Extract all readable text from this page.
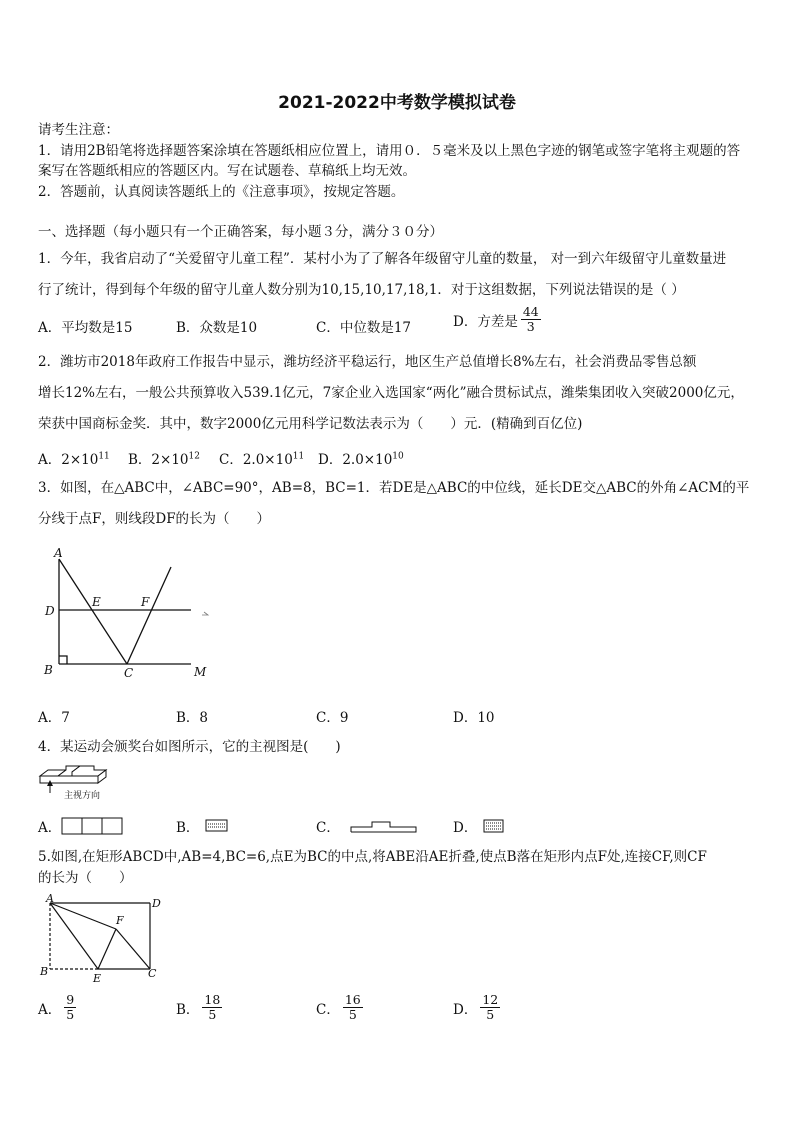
2021-2022中考数学模拟试卷
请考生注意：
1．请用2B铅笔将选择题答案涂填在答题纸相应位置上，请用０．５毫米及以上黑色字迹的钢笔或签字笔将主观题的答
案写在答题纸相应的答题区内。写在试题卷、草稿纸上均无效。
2．答题前，认真阅读答题纸上的《注意事项》，按规定答题。
一、选择题（每小题只有一个正确答案，每小题３分，满分３０分）
1．今年，我省启动了“关爱留守儿童工程”．某村小为了了解各年级留守儿童的数量， 对一到六年级留守儿童数量进
行了统计，得到每个年级的留守儿童人数分别为10,15,10,17,18,1．对于这组数据，下列说法错误的是（ ）
A．平均数是15	B．众数是10	C．中位数是17	D．方差是 $\frac{44}{3}$
2．潍坊市2018年政府工作报告中显示，潍坊经济平稳运行，地区生产总值增长8%左右，社会消费品零售总额
增长12%左右，一般公共预算收入539.1亿元，7家企业入选国家“两化”融合贯标试点，潍柴集团收入突破2000亿元，
荣获中国商标金奖．其中，数字2000亿元用科学记数法表示为（　　）元．(精确到百亿位)
A．$2\times 10^{11}$ B．$2\times 10^{12}$ C．$2.0\times 10^{11}$ D．$2.0\times 10^{10}$
3．如图，在△ABC中，∠ABC=90°，AB=8，BC=1．若DE是△ABC的中位线，延长DE交△ABC的外角∠ACM的平
分线于点F，则线段DF的长为（　　）
A
D
E	F
B	C	M
A．7	B．8	C．9	D．10
4．某运动会颁奖台如图所示，它的主视图是(　　)
主视方向
A．	B．	C．	D．
5.如图,在矩形ABCD中,AB=4,BC=6,点E为BC的中点,将ABE沿AE折叠,使点B落在矩形内点F处,连接CF,则CF
的长为（　　）
A	D
F
B
E	C
A． $\frac{9}{5}$	B． $\frac{18}{5}$	C． $\frac{16}{5}$	D． $\frac{12}{5}$
